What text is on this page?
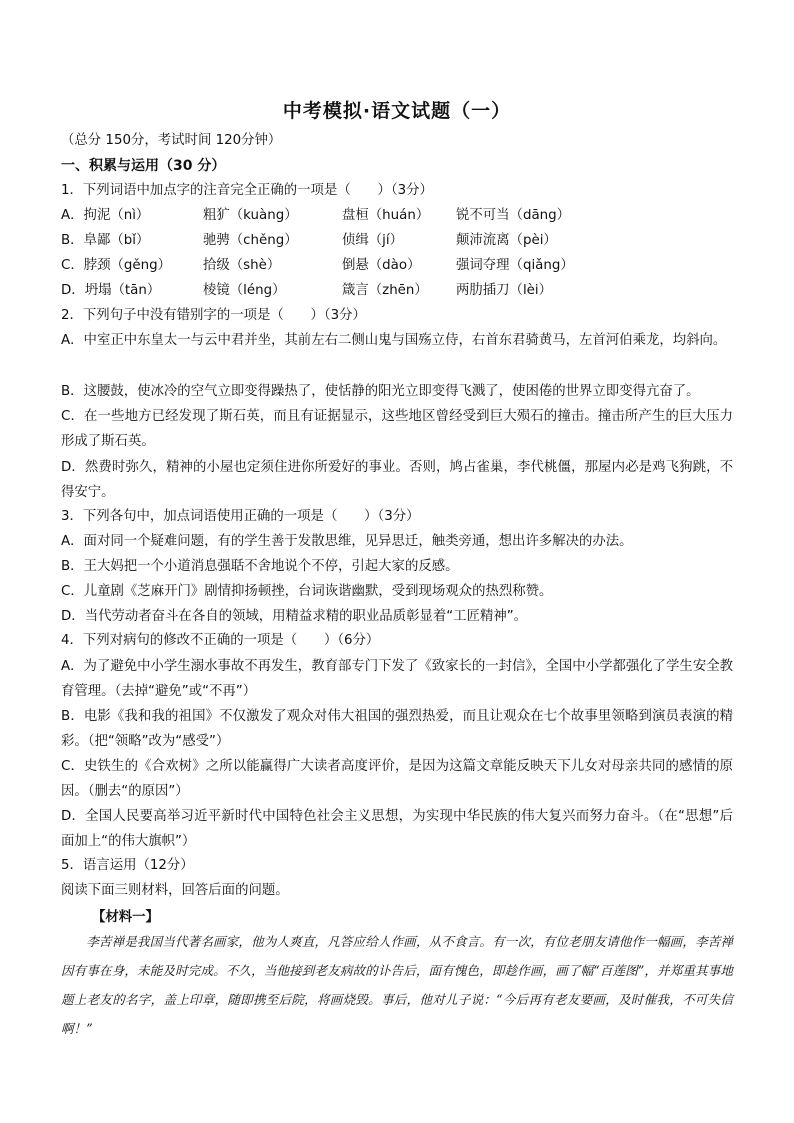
中考模拟·语文试题（一）
（总分 150分，考试时间 120分钟）
一、积累与运用（30 分）
1．下列词语中加点字的注音完全正确的一项是（　　）（3分）
A．拘泥（nì）	粗犷（kuàng）	盘桓（huán） 锐不可当（dāng）
B．阜鄙（bǐ）	驰骋（chěng）	侦缉（jí）	颠沛流离（pèi）
C．脖颈（gěng） 拾级（shè）	倒悬（dào）	强词夺理（qiǎng）
D．坍塌（tān）	棱镜（léng）	箴言（zhēn） 两肋插刀（lèi）
2．下列句子中没有错别字的一项是（　　）（3分）
A．中室正中东皇太一与云中君并坐，其前左右二侧山鬼与国殇立侍，右首东君骑黄马，左首河伯乘龙，均斜向。
B．这腰鼓，使冰冷的空气立即变得躁热了，使恬静的阳光立即变得飞溅了，使困倦的世界立即变得亢奋了。
C．在一些地方已经发现了斯石英，而且有证据显示，这些地区曾经受到巨大殒石的撞击。撞击所产生的巨大压力形成了斯石英。
D．然费时弥久，精神的小屋也定须住进你所爱好的事业。否则，鸠占雀巢，李代桃僵，那屋内必是鸡飞狗跳，不得安宁。
3．下列各句中，加点词语使用正确的一项是（　　）（3分）
A．面对同一个疑难问题，有的学生善于发散思维，见异思迁，触类旁通，想出许多解决的办法。
B．王大妈把一个小道消息强聒不舍地说个不停，引起大家的反感。
C．儿童剧《芝麻开门》剧情抑扬顿挫，台词诙谐幽默，受到现场观众的热烈称赞。
D．当代劳动者奋斗在各自的领域，用精益求精的职业品质彰显着“工匠精神”。
4．下列对病句的修改不正确的一项是（　　）（6分）
A．为了避免中小学生溺水事故不再发生，教育部专门下发了《致家长的一封信》，全国中小学都强化了学生安全教育管理。（去掉“避免”或“不再”）
B．电影《我和我的祖国》不仅激发了观众对伟大祖国的强烈热爱，而且让观众在七个故事里领略到演员表演的精彩。（把“领略”改为“感受”）
C．史铁生的《合欢树》之所以能赢得广大读者高度评价，是因为这篇文章能反映天下儿女对母亲共同的感情的原因。（删去“的原因”）
D．全国人民要高举习近平新时代中国特色社会主义思想，为实现中华民族的伟大复兴而努力奋斗。（在“思想”后面加上“的伟大旗帜”）
5．语言运用（12分）
阅读下面三则材料，回答后面的问题。
【材料一】
李苦禅是我国当代著名画家，他为人爽直，凡答应给人作画，从不食言。有一次，有位老朋友请他作一幅画，李苦禅因有事在身，未能及时完成。不久，当他接到老友病故的讣告后，面有愧色，即趁作画，画了幅“百莲图”，并郑重其事地题上老友的名字，盖上印章，随即携至后院，将画烧毁。事后，他对儿子说：“今后再有老友要画，及时催我，不可失信啊！”
